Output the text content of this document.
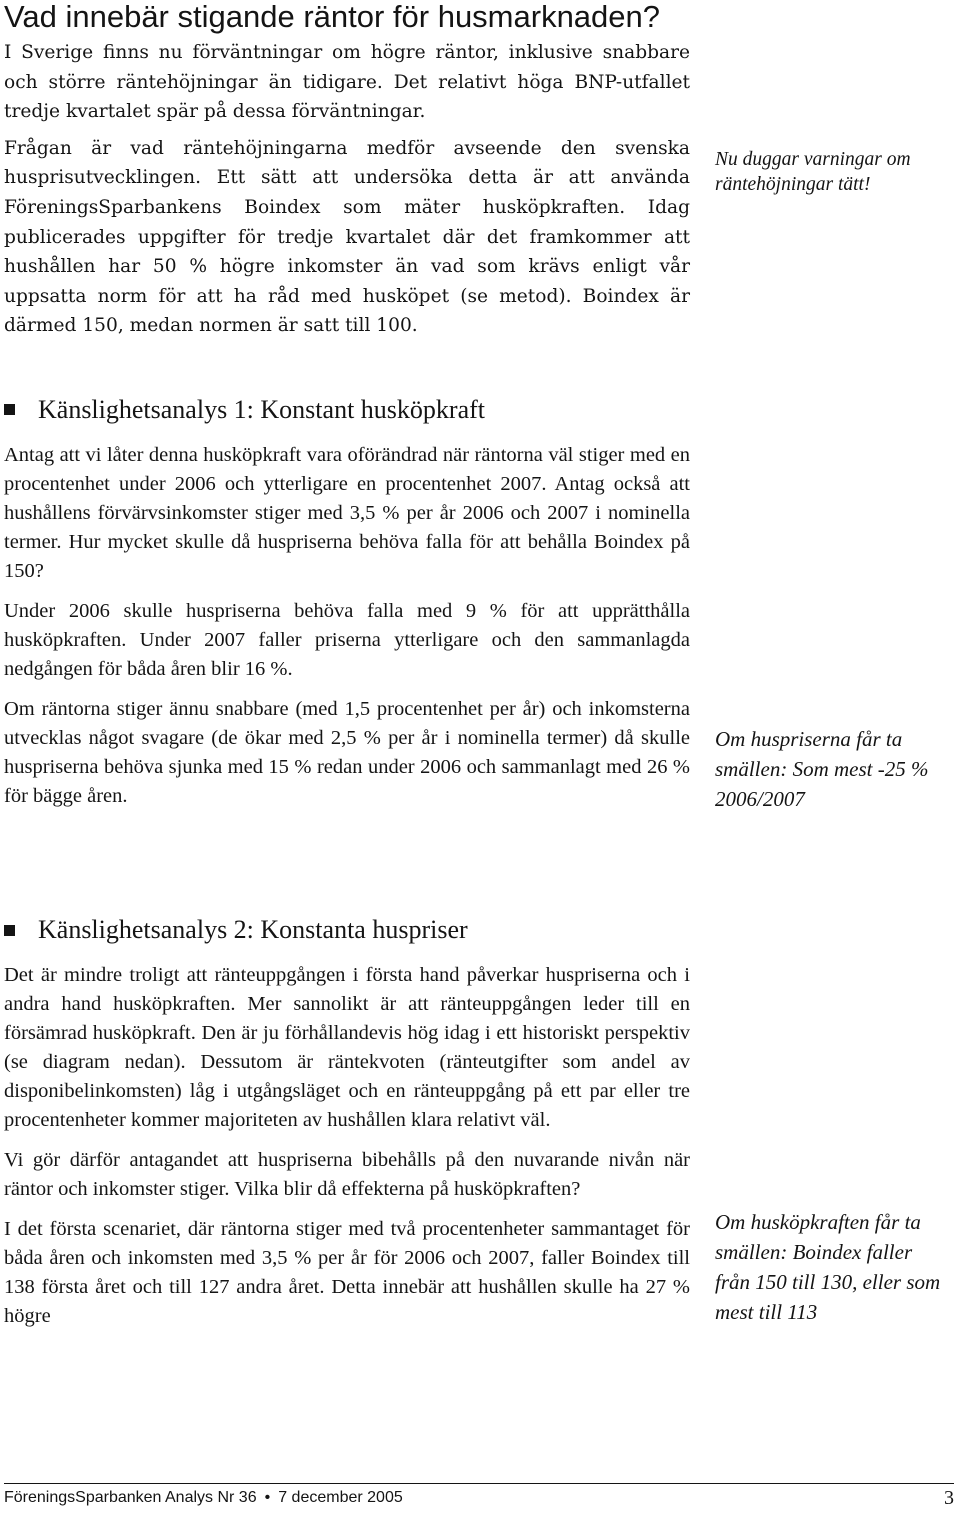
Vad innebär stigande räntor för husmarknaden?

I Sverige finns nu förväntningar om högre räntor, inklusive snabbare och större räntehöjningar än tidigare. Det relativt höga BNP-utfallet tredje kvartalet spär på dessa förväntningar.

Frågan är vad räntehöjningarna medför avseende den svenska husprisutvecklingen. Ett sätt att undersöka detta är att använda FöreningsSparbankens Boindex som mäter husköpkraften. Idag publicerades uppgifter för tredje kvartalet där det framkommer att hushållen har 50 % högre inkomster än vad som krävs enligt vår uppsatta norm för att ha råd med husköpet (se metod). Boindex är därmed 150, medan normen är satt till 100.

Nu duggar varningar om räntehöjningar tätt!
Känslighetsanalys 1: Konstant husköpkraft

Antag att vi låter denna husköpkraft vara oförändrad när räntorna väl stiger med en procentenhet under 2006 och ytterligare en procentenhet 2007. Antag också att hushållens förvärvsinkomster stiger med 3,5 % per år 2006 och 2007 i nominella termer. Hur mycket skulle då huspriserna behöva falla för att behålla Boindex på 150?

Under 2006 skulle huspriserna behöva falla med 9 % för att upprätthålla husköpkraften. Under 2007 faller priserna ytterligare och den sammanlagda nedgången för båda åren blir 16 %.

Om räntorna stiger ännu snabbare (med 1,5 procentenhet per år) och inkomsterna utvecklas något svagare (de ökar med 2,5 % per år i nominella termer) då skulle huspriserna behöva sjunka med 15 % redan under 2006 och sammanlagt med 26 % för bägge åren.

Om huspriserna får ta smällen: Som mest -25 % 2006/2007
Känslighetsanalys 2: Konstanta huspriser

Det är mindre troligt att ränteuppgången i första hand påverkar huspriserna och i andra hand husköpkraften. Mer sannolikt är att ränteuppgången leder till en försämrad husköpkraft. Den är ju förhållandevis hög idag i ett historiskt perspektiv (se diagram nedan). Dessutom är räntekvoten (ränteutgifter som andel av disponibelinkomsten) låg i utgångsläget och en ränteuppgång på ett par eller tre procentenheter kommer majoriteten av hushållen klara relativt väl.

Vi gör därför antagandet att huspriserna bibehålls på den nuvarande nivån när räntor och inkomster stiger. Vilka blir då effekterna på husköpkraften?

I det första scenariet, där räntorna stiger med två procentenheter sammantaget för båda åren och inkomsten med 3,5 % per år för 2006 och 2007, faller Boindex till 138 första året och till 127 andra året. Detta innebär att hushållen skulle ha 27 % högre

Om husköpkraften får ta smällen: Boindex faller från 150 till 130, eller som mest till 113
FöreningsSparbanken Analys Nr 36 • 7 december 2005	3
